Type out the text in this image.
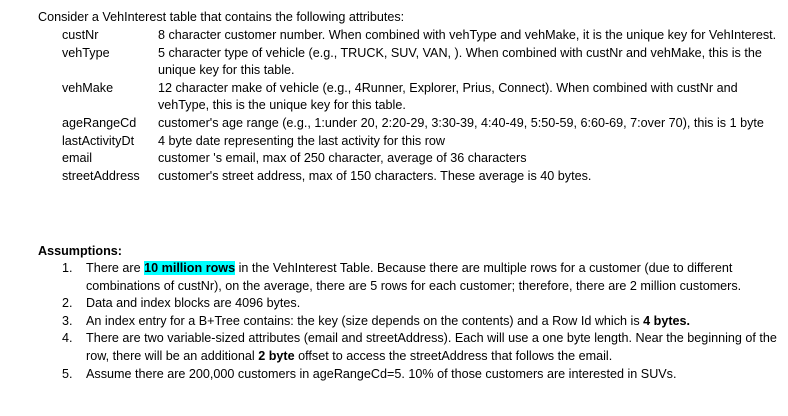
Consider a VehInterest table that contains the following attributes:
custNr	8 character customer number. When combined with vehType and vehMake, it is the unique key for VehInterest.
vehType	5 character type of vehicle (e.g., TRUCK, SUV, VAN, ). When combined with custNr and vehMake, this is the unique key for this table.
vehMake	12 character make of vehicle (e.g., 4Runner, Explorer, Prius, Connect). When combined with custNr and vehType, this is the unique key for this table.
ageRangeCd	customer's age range (e.g., 1:under 20, 2:20-29, 3:30-39, 4:40-49, 5:50-59, 6:60-69, 7:over 70), this is 1 byte
lastActivityDt	4 byte date representing the last activity for this row
email	customer 's email, max of 250 character, average of 36 characters
streetAddress	customer's street address, max of 150 characters. These average is 40 bytes.
Assumptions:
1.	There are 10 million rows in the VehInterest Table. Because there are multiple rows for a customer (due to different combinations of custNr), on the average, there are 5 rows for each customer; therefore, there are 2 million customers.
2.	Data and index blocks are 4096 bytes.
3.	An index entry for a B+Tree contains: the key (size depends on the contents) and a Row Id which is 4 bytes.
4.	There are two variable-sized attributes (email and streetAddress). Each will use a one byte length. Near the beginning of the row, there will be an additional 2 byte offset to access the streetAddress that follows the email.
5.	Assume there are 200,000 customers in ageRangeCd=5. 10% of those customers are interested in SUVs.
